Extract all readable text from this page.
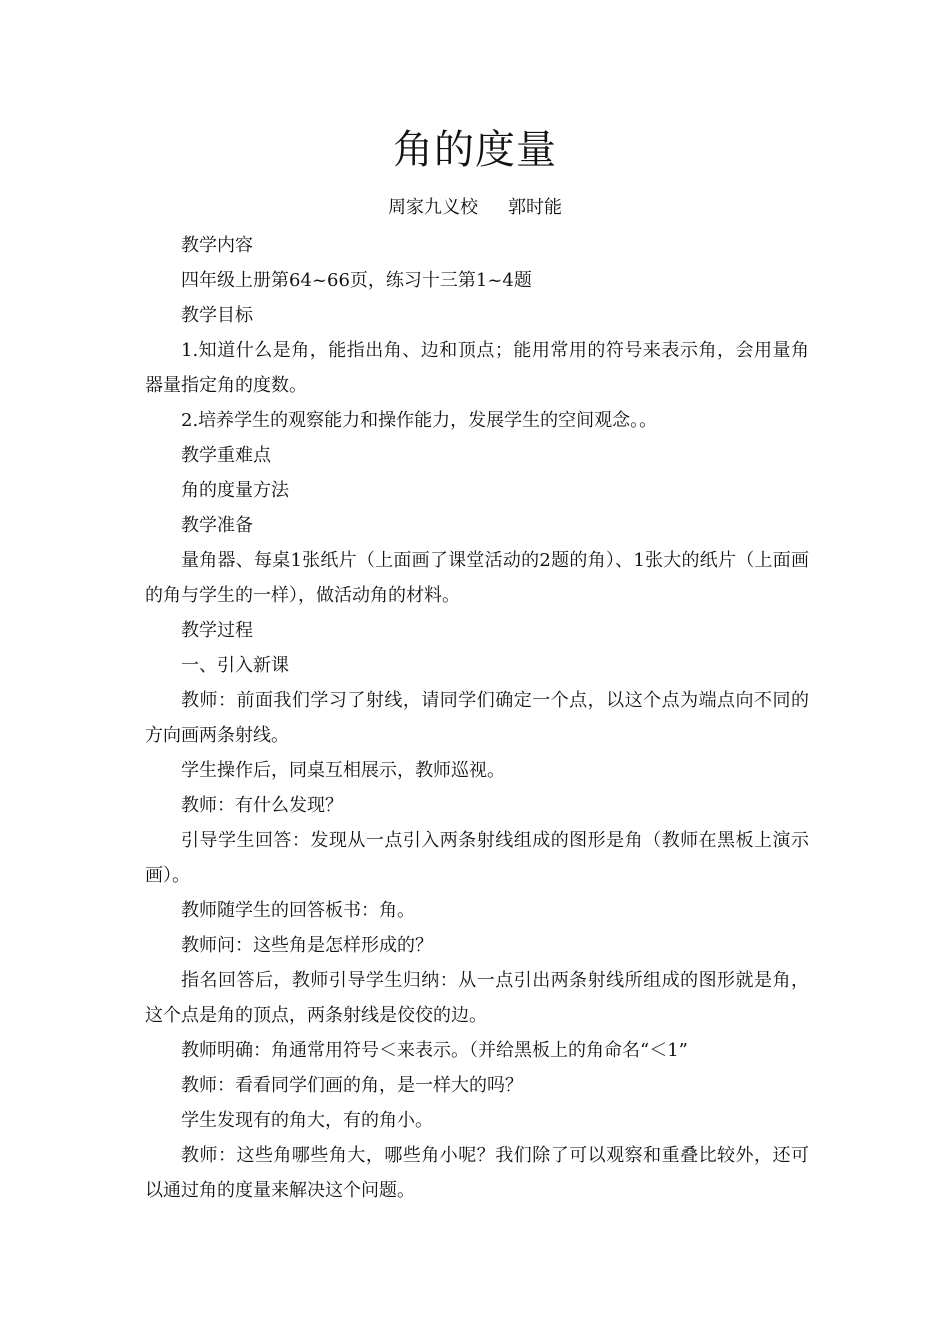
角的度量
周家九义校 郭时能

教学内容

四年级上册第64~66页，练习十三第1~4题

教学目标

1.知道什么是角，能指出角、边和顶点；能用常用的符号来表示角，会用量角器量指定角的度数。

2.培养学生的观察能力和操作能力，发展学生的空间观念。。

教学重难点

角的度量方法

教学准备

量角器、每桌1张纸片（上面画了课堂活动的2题的角）、1张大的纸片（上面画的角与学生的一样），做活动角的材料。

教学过程

一、引入新课

教师：前面我们学习了射线，请同学们确定一个点，以这个点为端点向不同的方向画两条射线。

学生操作后，同桌互相展示，教师巡视。

教师：有什么发现？

引导学生回答：发现从一点引入两条射线组成的图形是角（教师在黑板上演示画）。

教师随学生的回答板书：角。

教师问：这些角是怎样形成的？

指名回答后，教师引导学生归纳：从一点引出两条射线所组成的图形就是角，这个点是角的顶点，两条射线是佼佼的边。

教师明确：角通常用符号＜来表示。（并给黑板上的角命名“＜1”

教师：看看同学们画的角，是一样大的吗？

学生发现有的角大，有的角小。

教师：这些角哪些角大，哪些角小呢？我们除了可以观察和重叠比较外，还可以通过角的度量来解决这个问题。
